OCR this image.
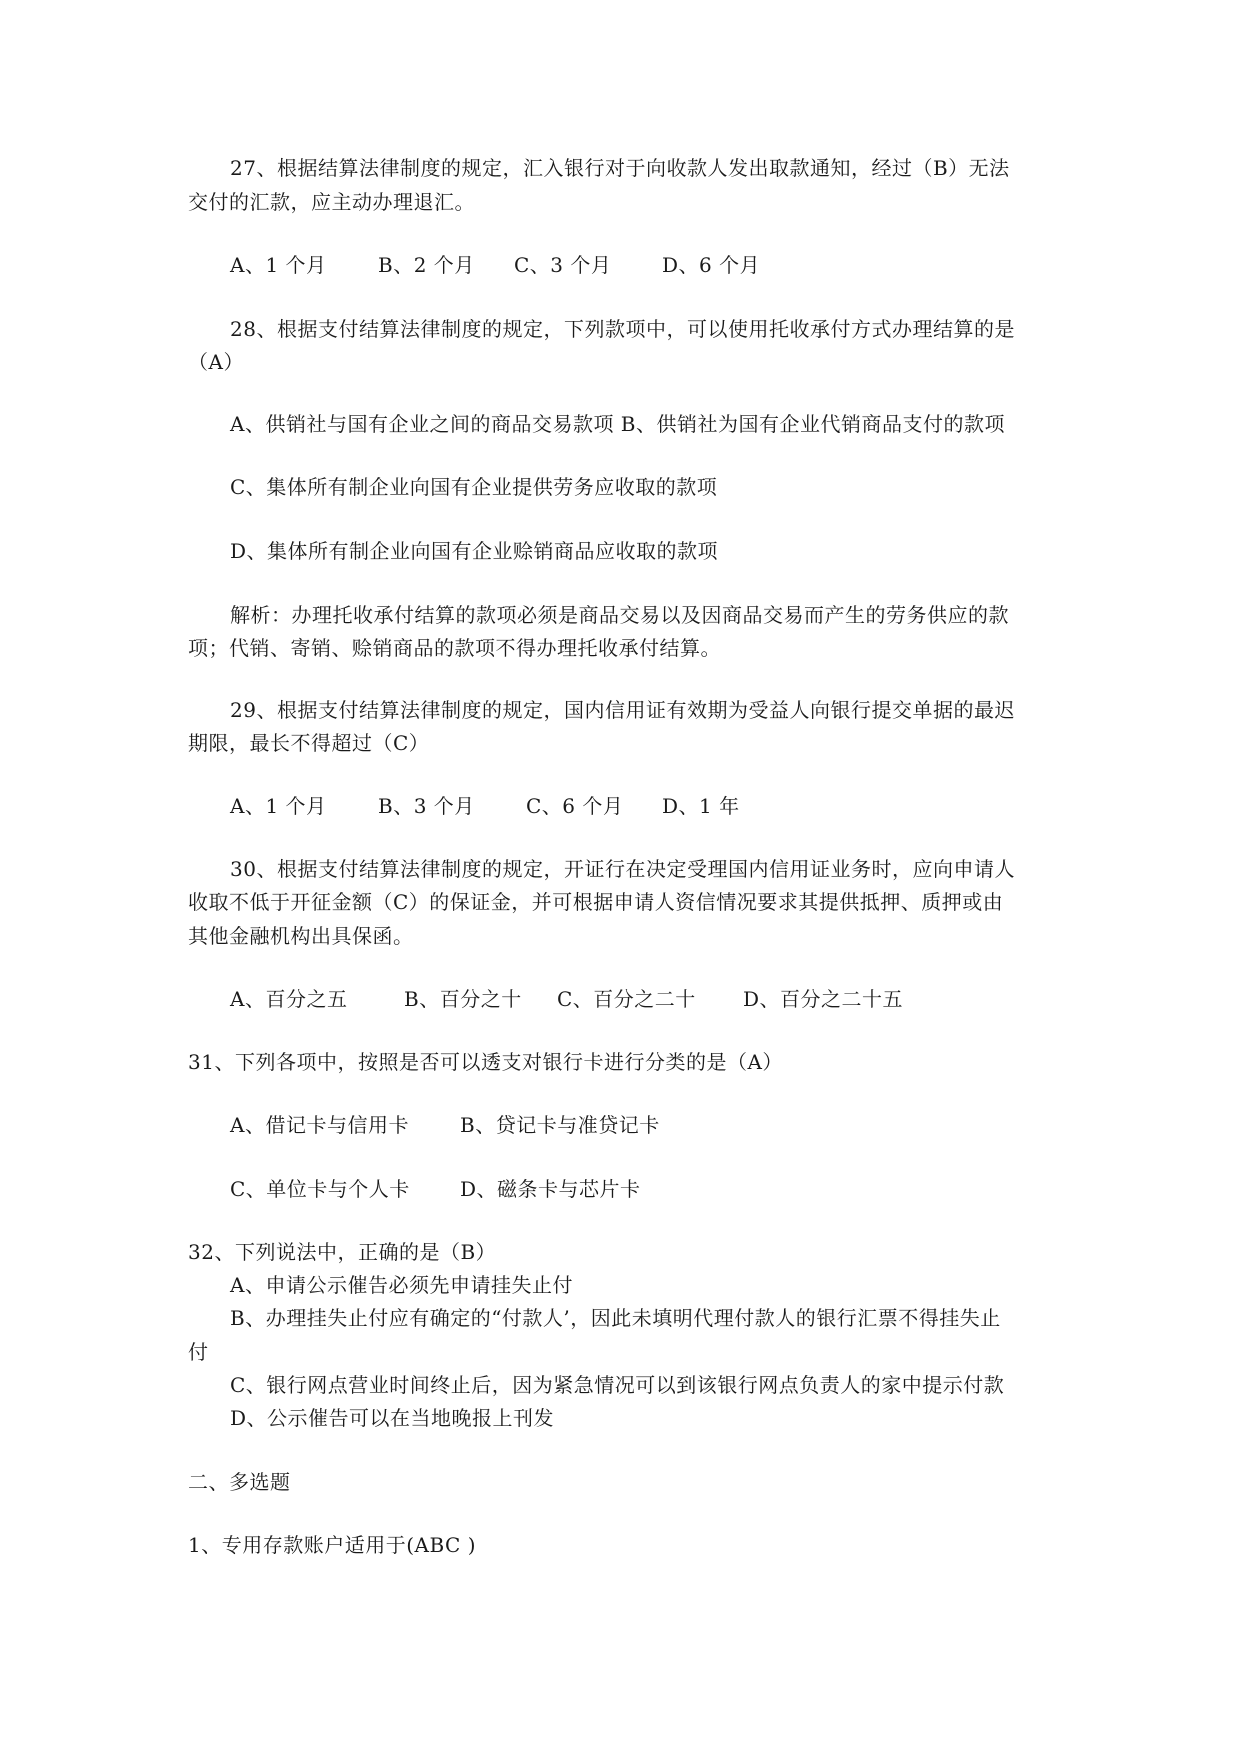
27、根据结算法律制度的规定，汇入银行对于向收款人发出取款通知，经过（B）无法
交付的汇款，应主动办理退汇。
A、1 个月	B、2 个月 C、3 个月	D、6 个月
28、根据支付结算法律制度的规定，下列款项中，可以使用托收承付方式办理结算的是
（A）
A、供销社与国有企业之间的商品交易款项 B、供销社为国有企业代销商品支付的款项
C、集体所有制企业向国有企业提供劳务应收取的款项
D、集体所有制企业向国有企业赊销商品应收取的款项
解析：办理托收承付结算的款项必须是商品交易以及因商品交易而产生的劳务供应的款
项；代销、寄销、赊销商品的款项不得办理托收承付结算。
29、根据支付结算法律制度的规定，国内信用证有效期为受益人向银行提交单据的最迟
期限，最长不得超过（C）
A、1 个月	B、3 个月	C、6 个月 D、1 年
30、根据支付结算法律制度的规定，开证行在决定受理国内信用证业务时，应向申请人
收取不低于开征金额（C）的保证金，并可根据申请人资信情况要求其提供抵押、质押或由
其他金融机构出具保函。
A、百分之五	B、百分之十 C、百分之二十 D、百分之二十五
31、下列各项中，按照是否可以透支对银行卡进行分类的是（A）
A、借记卡与信用卡	B、贷记卡与准贷记卡
C、单位卡与个人卡	D、磁条卡与芯片卡
32、下列说法中，正确的是（B）
A、申请公示催告必须先申请挂失止付
B、办理挂失止付应有确定的“付款人’，因此未填明代理付款人的银行汇票不得挂失止
付
C、银行网点营业时间终止后，因为紧急情况可以到该银行网点负责人的家中提示付款
D、公示催告可以在当地晚报上刊发
二、多选题
1、专用存款账户适用于(ABC )
